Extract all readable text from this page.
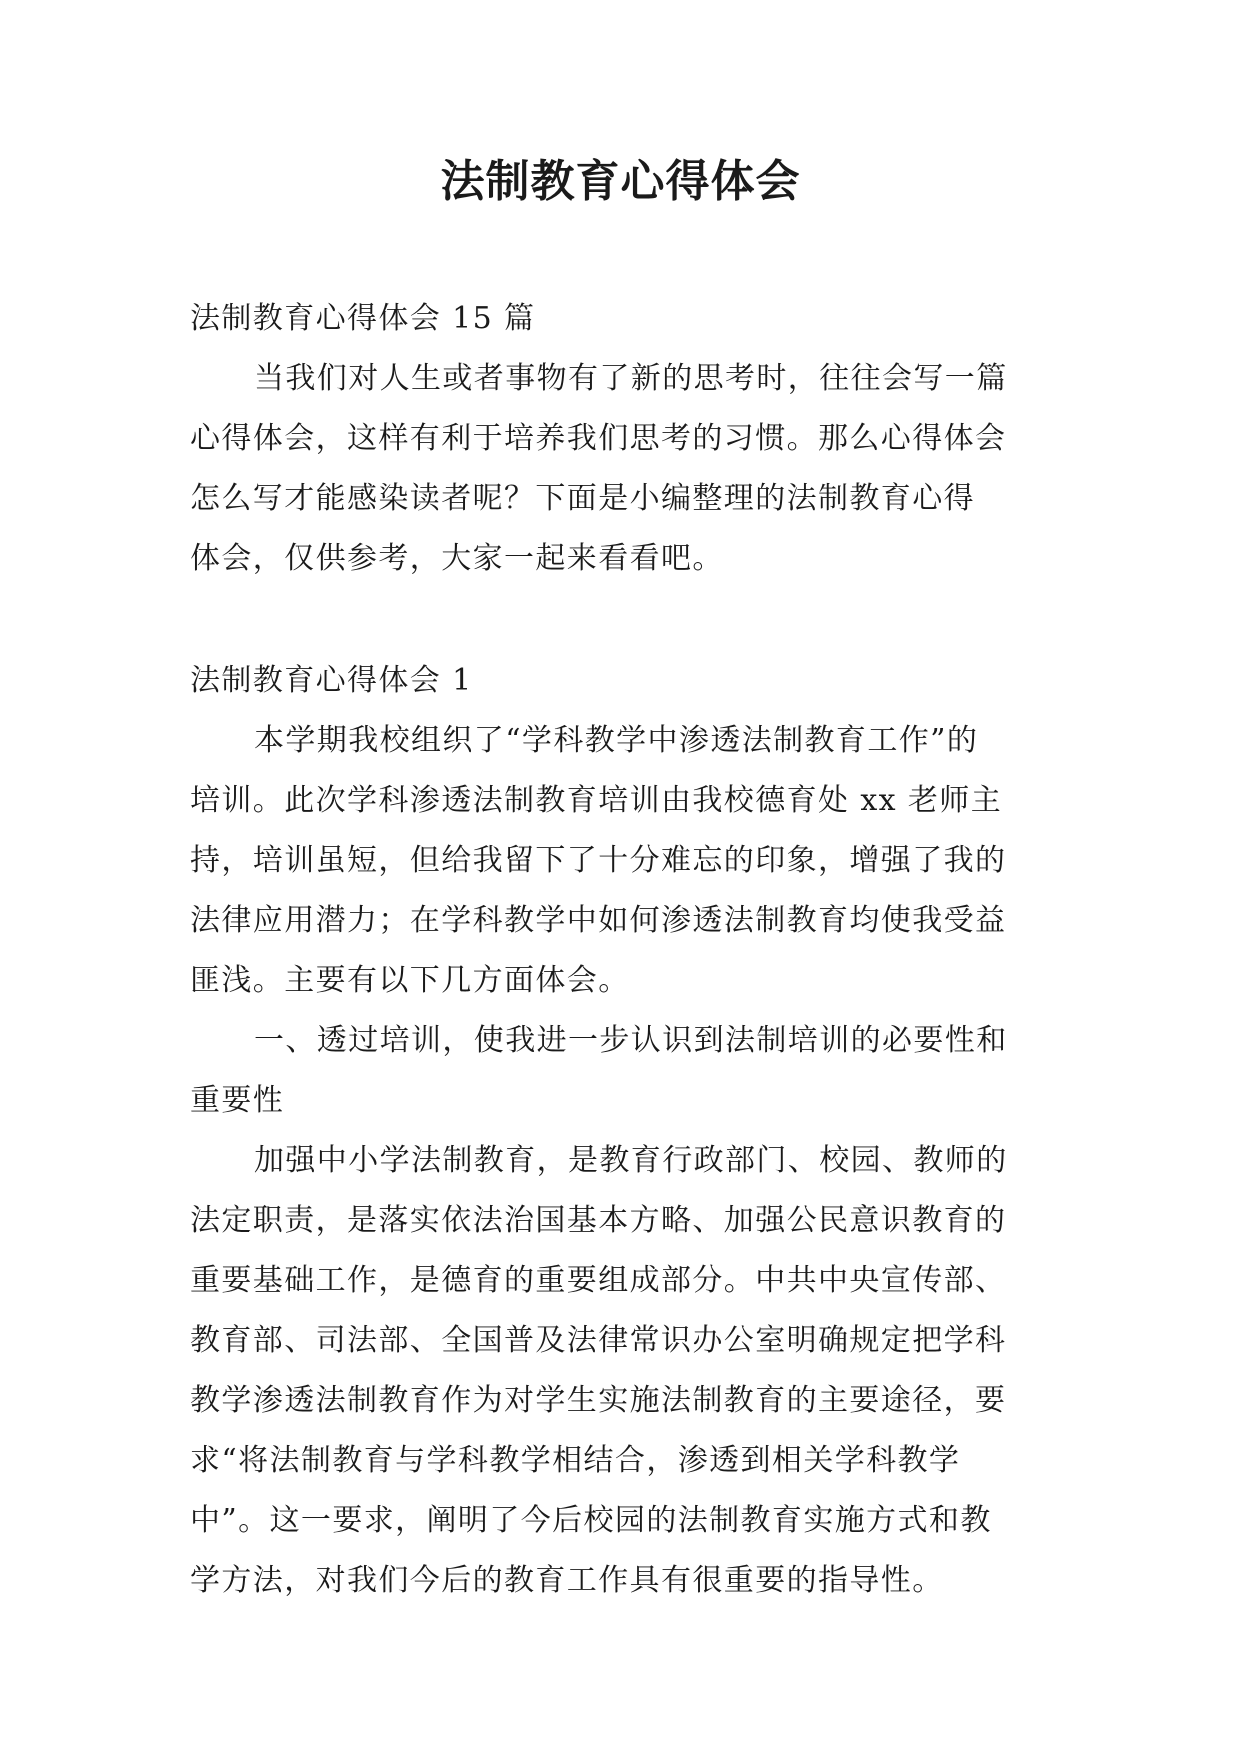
法制教育心得体会
法制教育心得体会 15 篇
当我们对人生或者事物有了新的思考时，往往会写一篇
心得体会，这样有利于培养我们思考的习惯。那么心得体会
怎么写才能感染读者呢？下面是小编整理的法制教育心得
体会，仅供参考，大家一起来看看吧。
法制教育心得体会 1
本学期我校组织了“学科教学中渗透法制教育工作”的
培训。此次学科渗透法制教育培训由我校德育处 xx 老师主
持，培训虽短，但给我留下了十分难忘的印象，增强了我的
法律应用潜力；在学科教学中如何渗透法制教育均使我受益
匪浅。主要有以下几方面体会。
一、透过培训，使我进一步认识到法制培训的必要性和
重要性
加强中小学法制教育，是教育行政部门、校园、教师的
法定职责，是落实依法治国基本方略、加强公民意识教育的
重要基础工作，是德育的重要组成部分。中共中央宣传部、
教育部、司法部、全国普及法律常识办公室明确规定把学科
教学渗透法制教育作为对学生实施法制教育的主要途径，要
求“将法制教育与学科教学相结合，渗透到相关学科教学
中”。这一要求，阐明了今后校园的法制教育实施方式和教
学方法，对我们今后的教育工作具有很重要的指导性。
